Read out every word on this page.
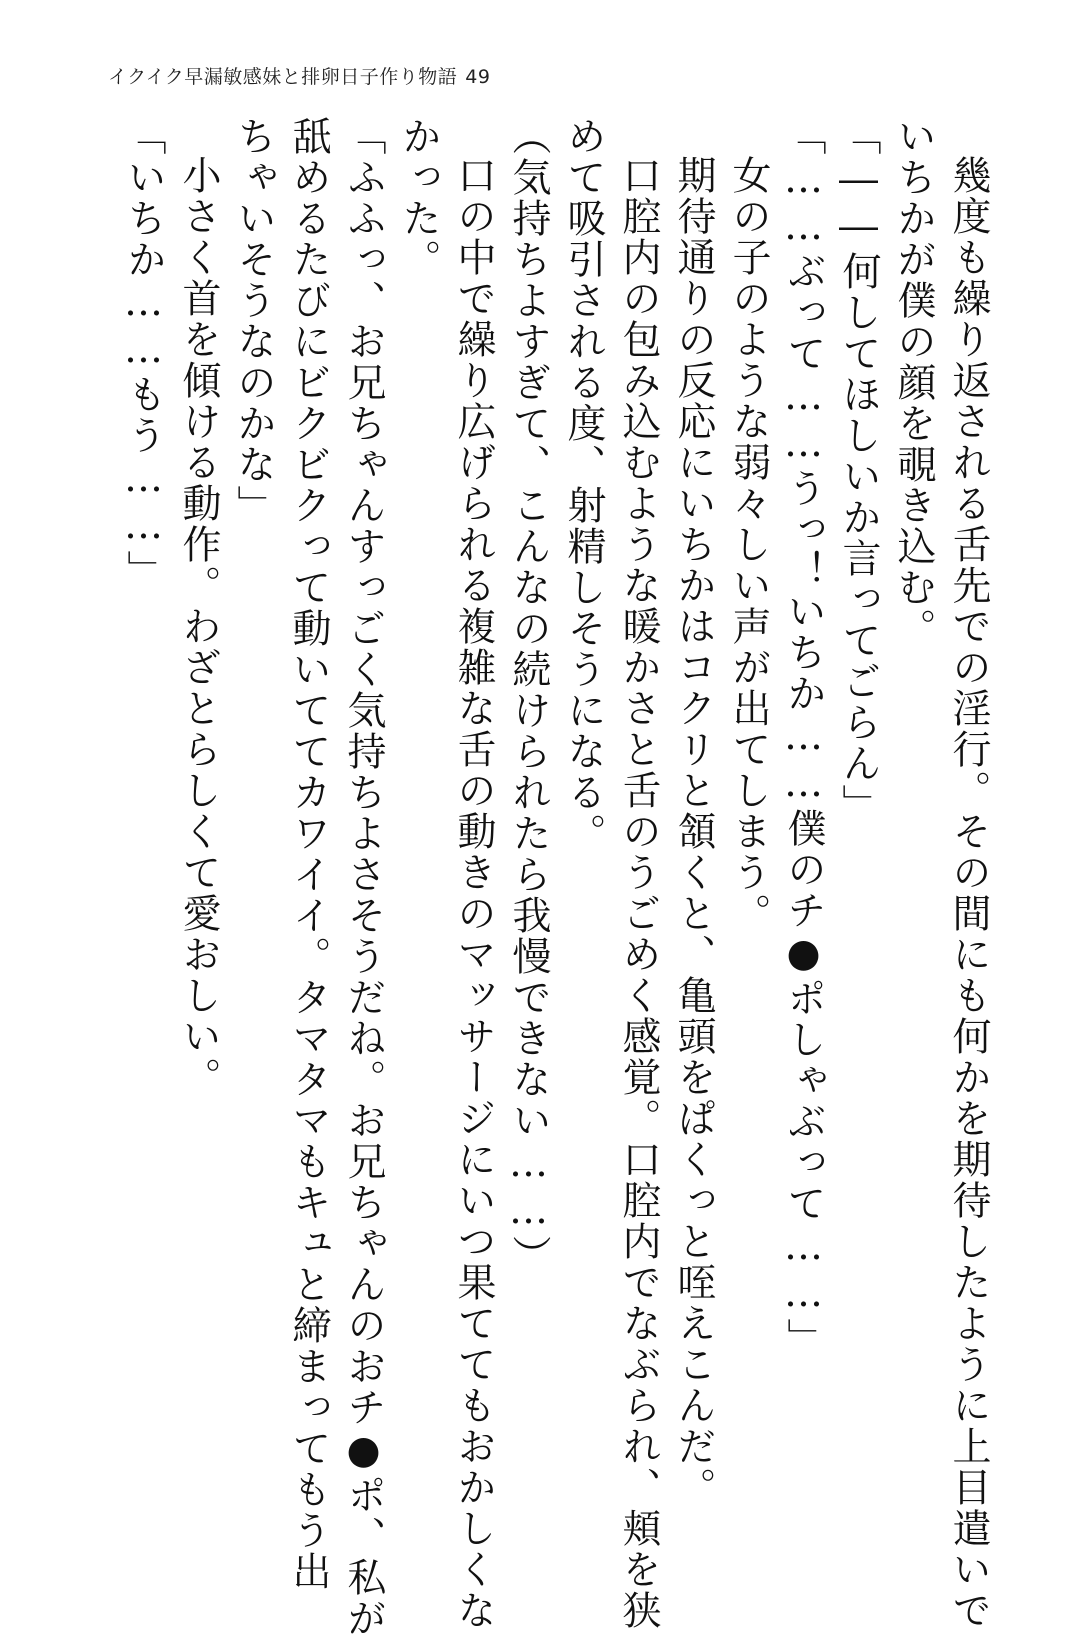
イクイク早漏敏感妹と排卵日子作り物語 49

幾度も繰り返される舌先での淫行。その間にも何かを期待したように上目遣いで

いちかが僕の顔を覗き込む。

「――何してほしいか言ってごらん」

「……ぶって……うっ！いちか……僕のチ●ポしゃぶって……」

女の子のような弱々しい声が出てしまう。

期待通りの反応にいちかはコクリと頷くと、亀頭をぱくっと咥えこんだ。

口腔内の包み込むような暖かさと舌のうごめく感覚。口腔内でなぶられ、頬を狭

めて吸引される度、射精しそうになる。

（気持ちよすぎて、こんなの続けられたら我慢できない……）

口の中で繰り広げられる複雑な舌の動きのマッサージにいつ果ててもおかしくな

かった。

「ふふっ、お兄ちゃんすっごく気持ちよさそうだね。お兄ちゃんのおチ●ポ、私が

舐めるたびにビクビクって動いててカワイイ。タマタマもキュと締まってもう出

ちゃいそうなのかな」

小さく首を傾ける動作。わざとらしくて愛おしい。

「いちか……もう……」
